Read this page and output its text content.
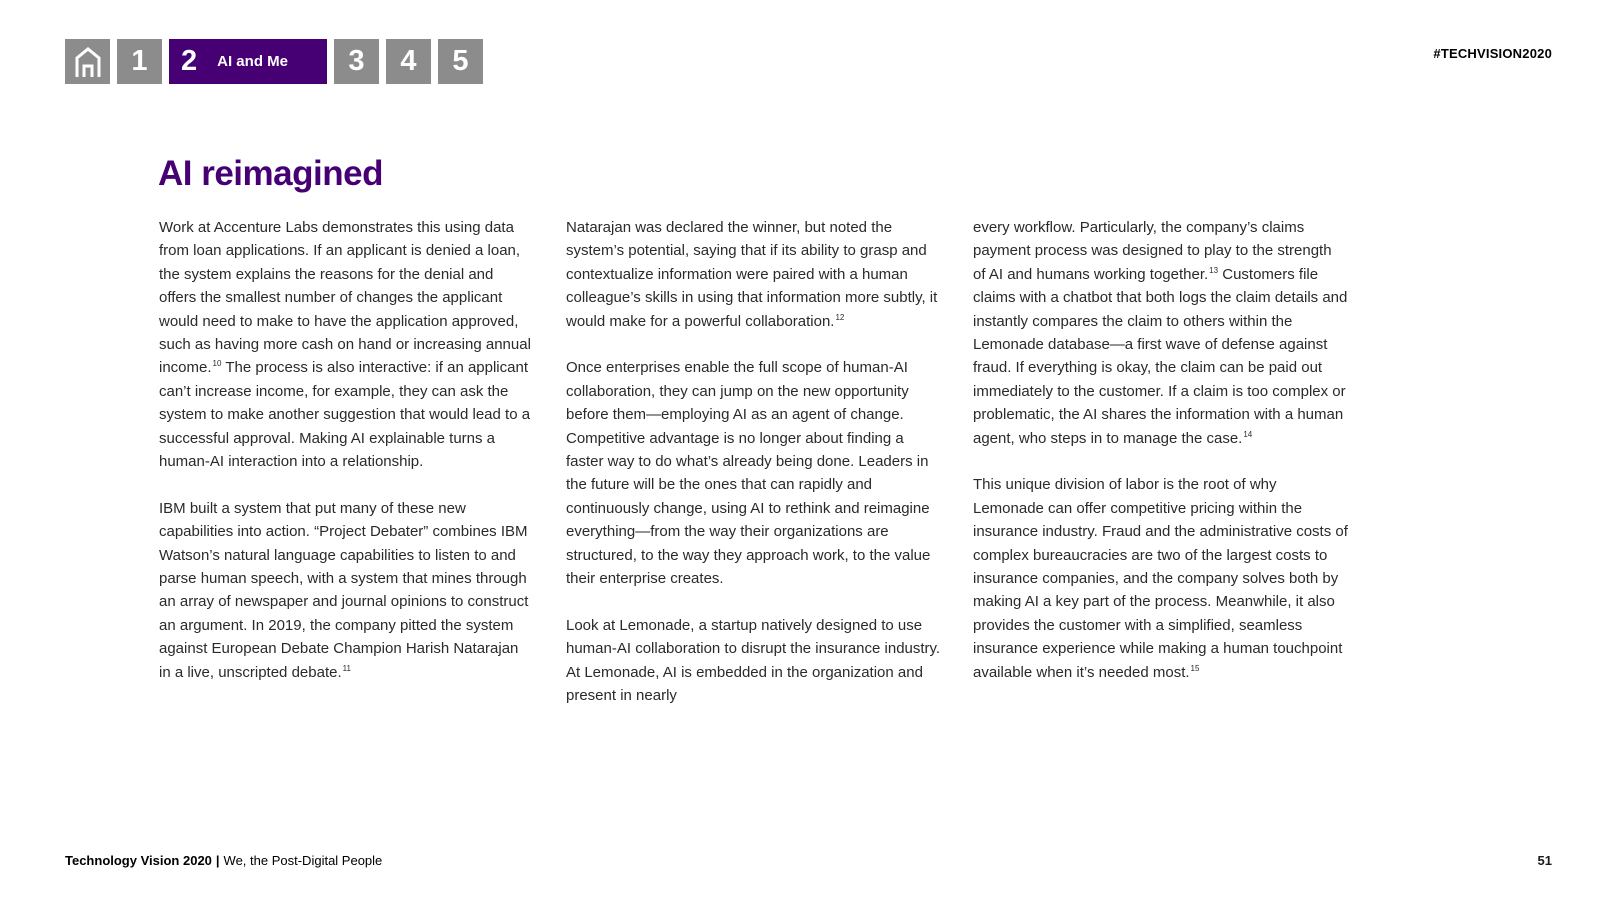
1	2 AI and Me	3	4	5	#TECHVISION2020
AI reimagined

Work at Accenture Labs demonstrates this using data from loan applications. If an applicant is denied a loan, the system explains the reasons for the denial and offers the smallest number of changes the applicant would need to make to have the application approved, such as having more cash on hand or increasing annual income.$^{10}$ The process is also interactive: if an applicant can’t increase income, for example, they can ask the system to make another suggestion that would lead to a successful approval. Making AI explainable turns a human-AI interaction into a relationship.

IBM built a system that put many of these new capabilities into action. “Project Debater” combines IBM Watson’s natural language capabilities to listen to and parse human speech, with a system that mines through an array of newspaper and journal opinions to construct an argument. In 2019, the company pitted the system against European Debate Champion Harish Natarajan in a live, unscripted debate.$^{11}$

Natarajan was declared the winner, but noted the system’s potential, saying that if its ability to grasp and contextualize information were paired with a human colleague’s skills in using that information more subtly, it would make for a powerful collaboration.$^{12}$

Once enterprises enable the full scope of human-AI collaboration, they can jump on the new opportunity before them—employing AI as an agent of change. Competitive advantage is no longer about finding a faster way to do what’s already being done. Leaders in the future will be the ones that can rapidly and continuously change, using AI to rethink and reimagine everything—from the way their organizations are structured, to the way they approach work, to the value their enterprise creates.

Look at Lemonade, a startup natively designed to use human-AI collaboration to disrupt the insurance industry. At Lemonade, AI is embedded in the organization and present in nearly

every workflow. Particularly, the company’s claims payment process was designed to play to the strength of AI and humans working together.$^{13}$ Customers file claims with a chatbot that both logs the claim details and instantly compares the claim to others within the Lemonade database—a first wave of defense against fraud. If everything is okay, the claim can be paid out immediately to the customer. If a claim is too complex or problematic, the AI shares the information with a human agent, who steps in to manage the case.$^{14}$

This unique division of labor is the root of why Lemonade can offer competitive pricing within the insurance industry. Fraud and the administrative costs of complex bureaucracies are two of the largest costs to insurance companies, and the company solves both by making AI a key part of the process. Meanwhile, it also provides the customer with a simplified, seamless insurance experience while making a human touchpoint available when it’s needed most.$^{15}$

Technology Vision 2020 | We, the Post-Digital People	51
